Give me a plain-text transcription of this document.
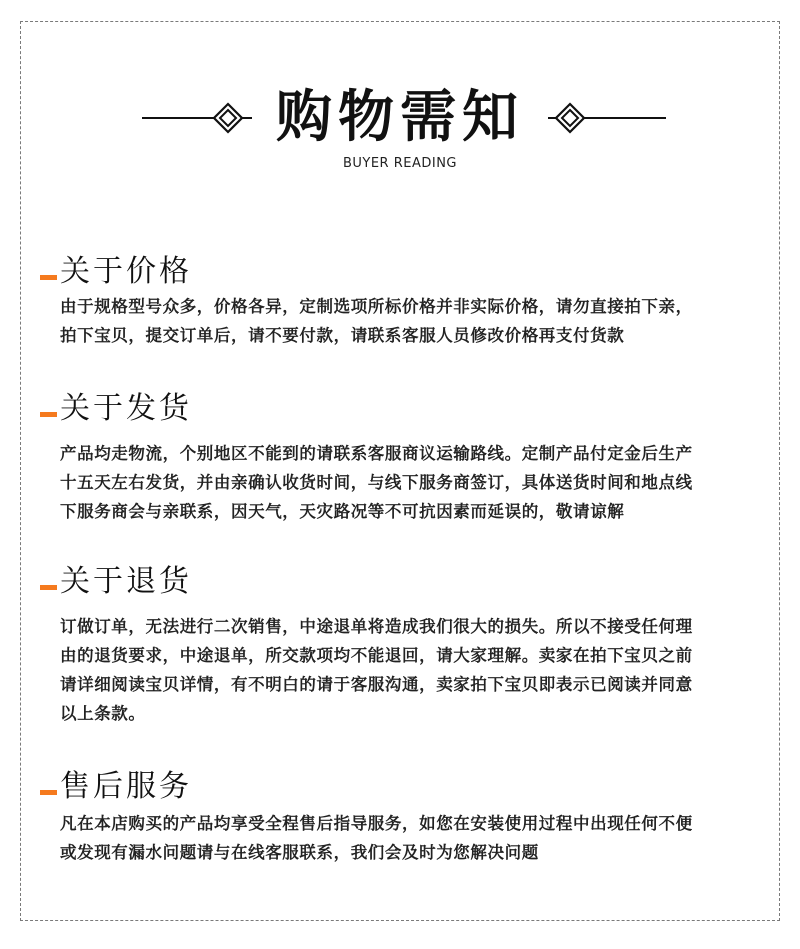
购物需知
BUYER READING
关于价格

由于规格型号众多，价格各异，定制选项所标价格并非实际价格，请勿直接拍下亲，
拍下宝贝，提交订单后，请不要付款，请联系客服人员修改价格再支付货款

关于发货

产品均走物流，个别地区不能到的请联系客服商议运输路线。定制产品付定金后生产
十五天左右发货，并由亲确认收货时间，与线下服务商签订，具体送货时间和地点线
下服务商会与亲联系，因天气，天灾路况等不可抗因素而延误的，敬请谅解

关于退货

订做订单，无法进行二次销售，中途退单将造成我们很大的损失。所以不接受任何理
由的退货要求，中途退单，所交款项均不能退回，请大家理解。卖家在拍下宝贝之前
请详细阅读宝贝详情，有不明白的请于客服沟通，卖家拍下宝贝即表示已阅读并同意
以上条款。

售后服务

凡在本店购买的产品均享受全程售后指导服务，如您在安装使用过程中出现任何不便
或发现有漏水问题请与在线客服联系，我们会及时为您解决问题
